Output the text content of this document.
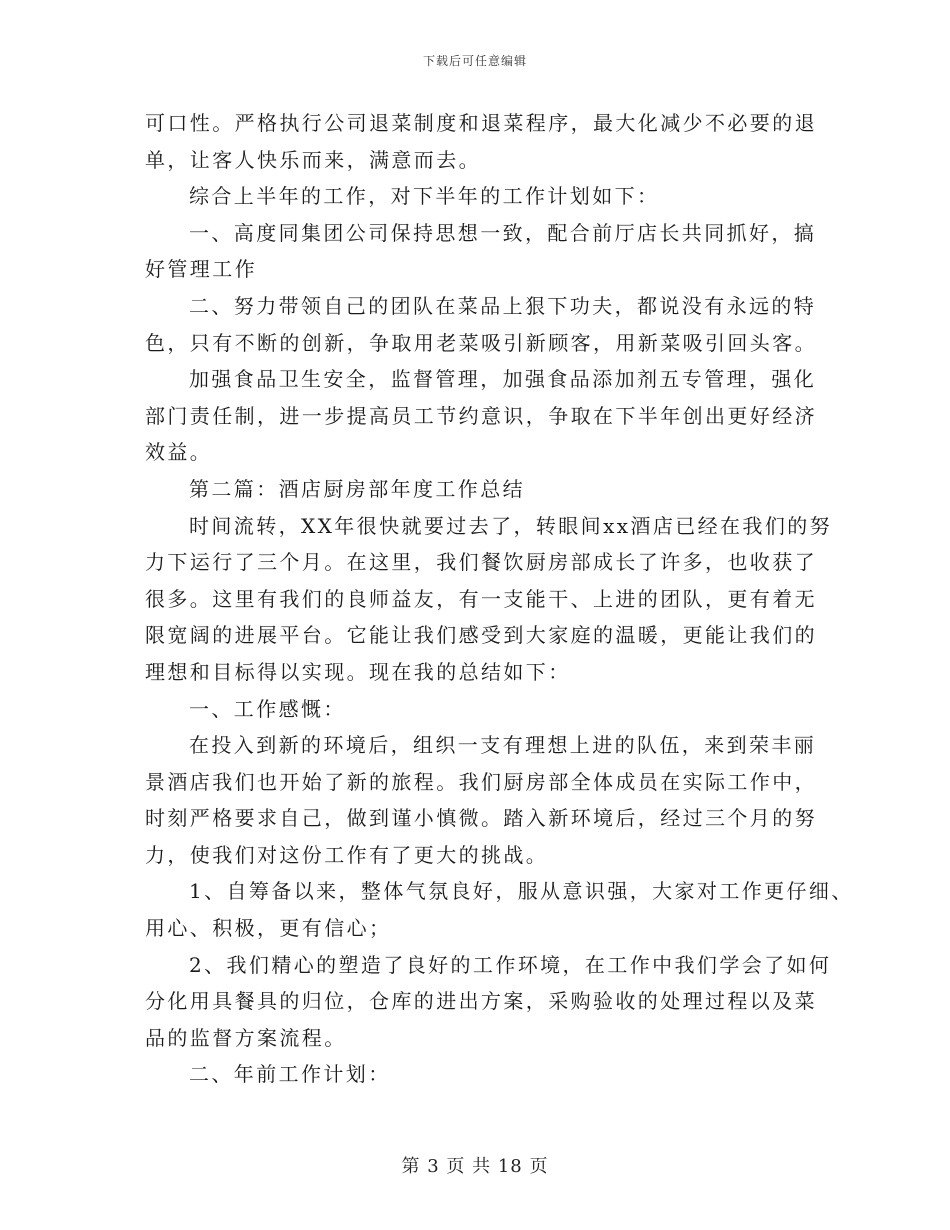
下载后可任意编辑
可口性。严格执行公司退菜制度和退菜程序，最大化减少不必要的退
单，让客人快乐而来，满意而去。
综合上半年的工作，对下半年的工作计划如下：
一、高度同集团公司保持思想一致，配合前厅店长共同抓好，搞
好管理工作
二、努力带领自己的团队在菜品上狠下功夫，都说没有永远的特
色，只有不断的创新，争取用老菜吸引新顾客，用新菜吸引回头客。
加强食品卫生安全，监督管理，加强食品添加剂五专管理，强化
部门责任制，进一步提高员工节约意识，争取在下半年创出更好经济
效益。
第二篇：酒店厨房部年度工作总结
时间流转，XX年很快就要过去了，转眼间xx酒店已经在我们的努
力下运行了三个月。在这里，我们餐饮厨房部成长了许多，也收获了
很多。这里有我们的良师益友，有一支能干、上进的团队，更有着无
限宽阔的进展平台。它能让我们感受到大家庭的温暖，更能让我们的
理想和目标得以实现。现在我的总结如下：
一、工作感慨：
在投入到新的环境后，组织一支有理想上进的队伍，来到荣丰丽
景酒店我们也开始了新的旅程。我们厨房部全体成员在实际工作中，
时刻严格要求自己，做到谨小慎微。踏入新环境后，经过三个月的努
力，使我们对这份工作有了更大的挑战。
1、自筹备以来，整体气氛良好，服从意识强，大家对工作更仔细、
用心、积极，更有信心；
2、我们精心的塑造了良好的工作环境，在工作中我们学会了如何
分化用具餐具的归位，仓库的进出方案，采购验收的处理过程以及菜
品的监督方案流程。
二、年前工作计划：
第 3 页 共 18 页
